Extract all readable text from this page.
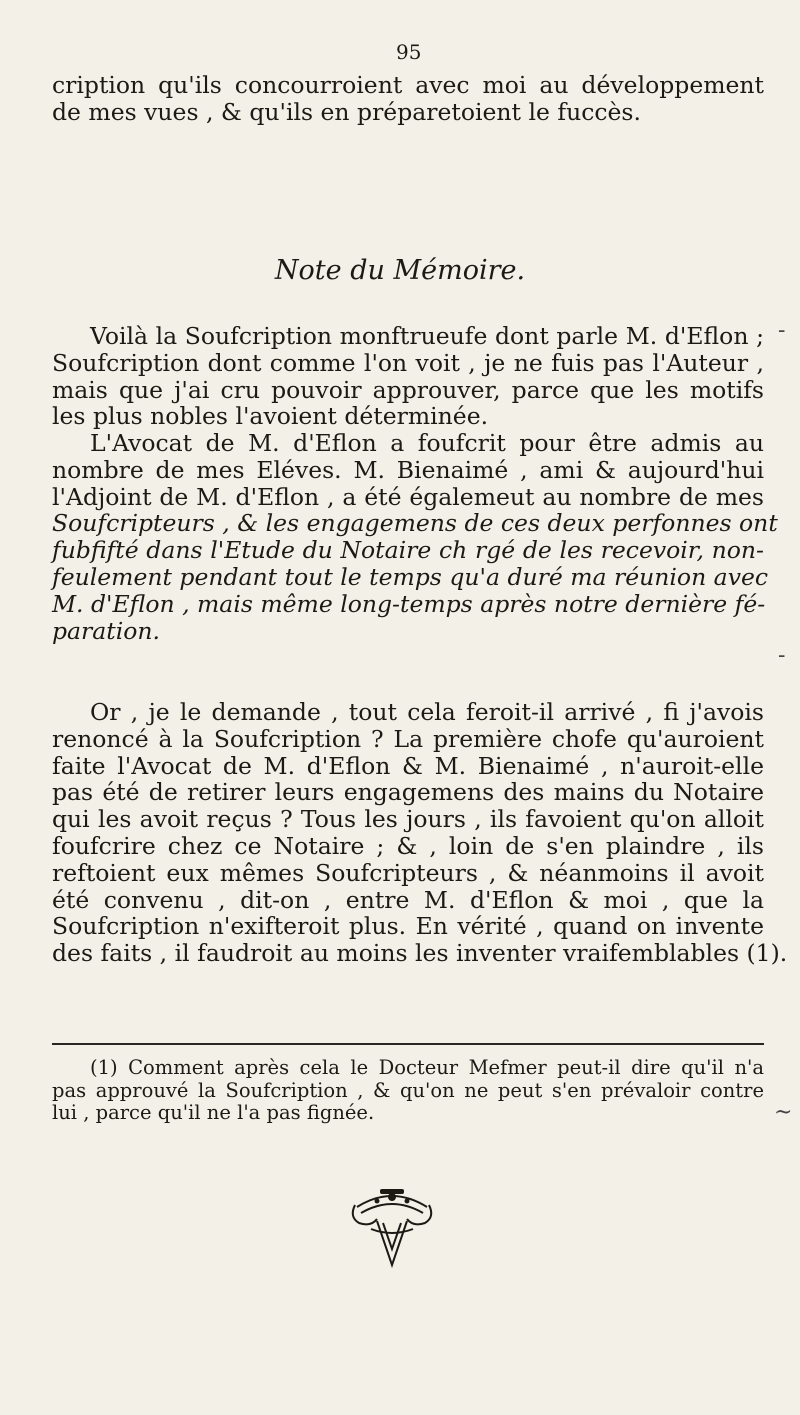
95
cription qu'ils concourroient avec moi au développement
de mes vues , & qu'ils en préparetoient le fuccès.
Note du Mémoire.
Voilà la Soufcription monftrueufe dont parle M. d'Eflon ;
Soufcription dont comme l'on voit , je ne fuis pas l'Auteur ,
mais que j'ai cru pouvoir approuver, parce que les motifs
les plus nobles l'avoient déterminée.
L'Avocat de M. d'Eflon a foufcrit pour être admis au
nombre de mes Eléves. M. Bienaimé , ami & aujourd'hui
l'Adjoint de M. d'Eflon , a été égalemeut au nombre de mes
Soufcripteurs , & les engagemens de ces deux perfonnes ont
fubfifté dans l'Etude du Notaire ch rgé de les recevoir, non-
feulement pendant tout le temps qu'a duré ma réunion avec
M. d'Eflon , mais même long-temps après notre dernière fé-
paration.
Or , je le demande , tout cela feroit-il arrivé , fi j'avois
renoncé à la Soufcription ? La première chofe qu'auroient
faite l'Avocat de M. d'Eflon & M. Bienaimé , n'auroit-elle
pas été de retirer leurs engagemens des mains du Notaire
qui les avoit reçus ? Tous les jours , ils favoient qu'on alloit
foufcrire chez ce Notaire ; & , loin de s'en plaindre , ils
reftoient eux mêmes Soufcripteurs , & néanmoins il avoit
été convenu , dit-on , entre M. d'Eflon & moi , que la
Soufcription n'exifteroit plus. En vérité , quand on invente
des faits , il faudroit au moins les inventer vraifemblables (1).
(1) Comment après cela le Docteur Mefmer peut-il dire qu'il n'a
pas approuvé la Soufcription , & qu'on ne peut s'en prévaloir contre
lui , parce qu'il ne l'a pas fignée.
-
-
~
